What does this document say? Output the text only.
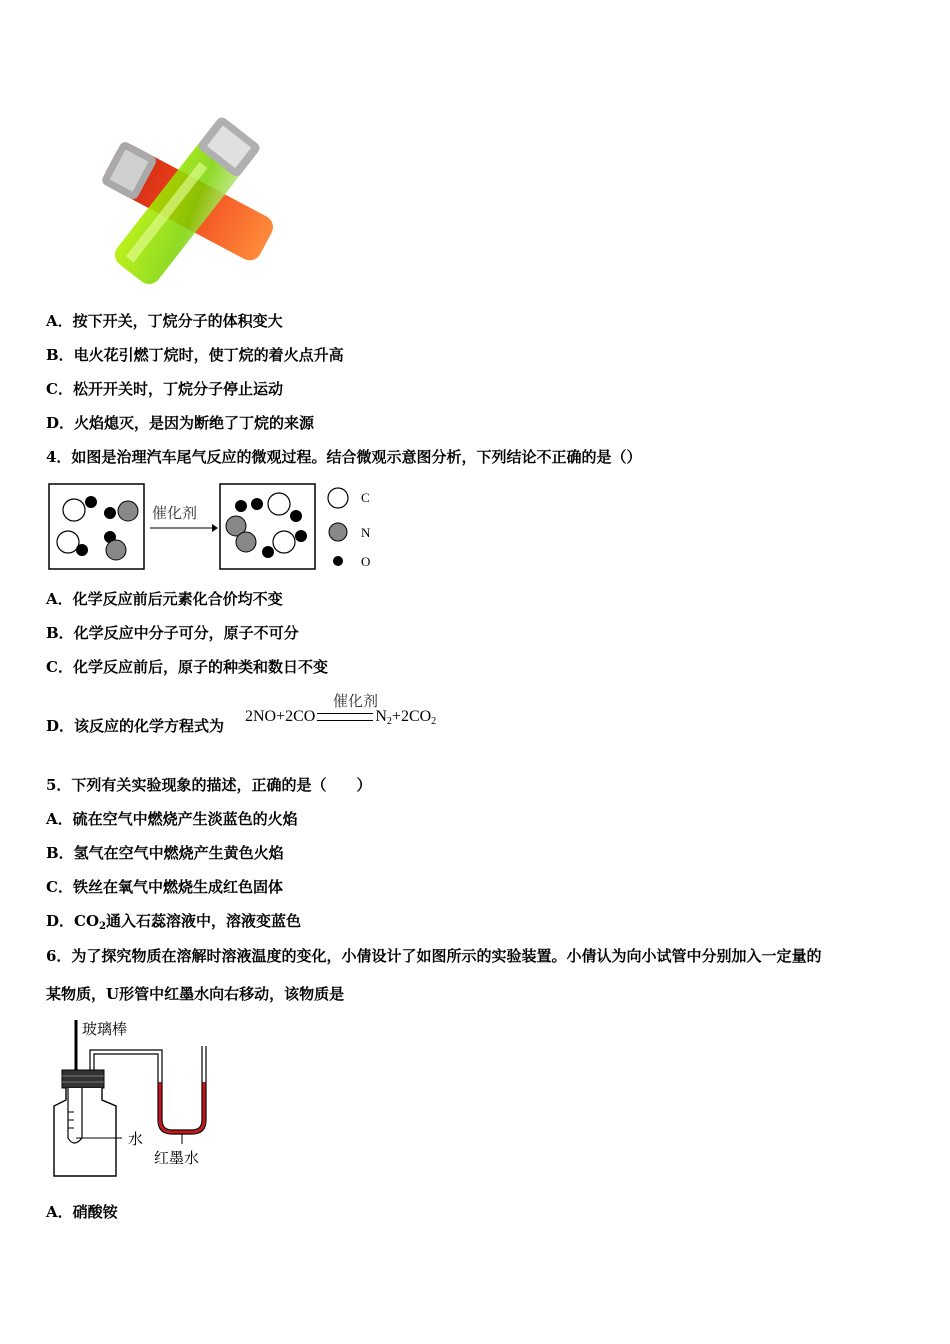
A．按下开关，丁烷分子的体积变大
B．电火花引燃丁烷时，使丁烷的着火点升高
C．松开开关时，丁烷分子停止运动
D．火焰熄灭，是因为断绝了丁烷的来源
4．如图是治理汽车尾气反应的微观过程。结合微观示意图分析，下列结论不正确的是（）
催化剂
C
N
O
A．化学反应前后元素化合价均不变
B．化学反应中分子可分，原子不可分
C．化学反应前后，原子的种类和数日不变
D．该反应的化学方程式为
催化剂
2NO+2CO	$N_2+2CO_2$
5．下列有关实验现象的描述，正确的是（　　）
A．硫在空气中燃烧产生淡蓝色的火焰
B．氢气在空气中燃烧产生黄色火焰
C．铁丝在氧气中燃烧生成红色固体
D．$CO_2$通入石蕊溶液中，溶液变蓝色
6．为了探究物质在溶解时溶液温度的变化，小倩设计了如图所示的实验装置。小倩认为向小试管中分别加入一定量的
某物质，U形管中红墨水向右移动，该物质是
玻璃棒
水
红墨水
A．硝酸铵
